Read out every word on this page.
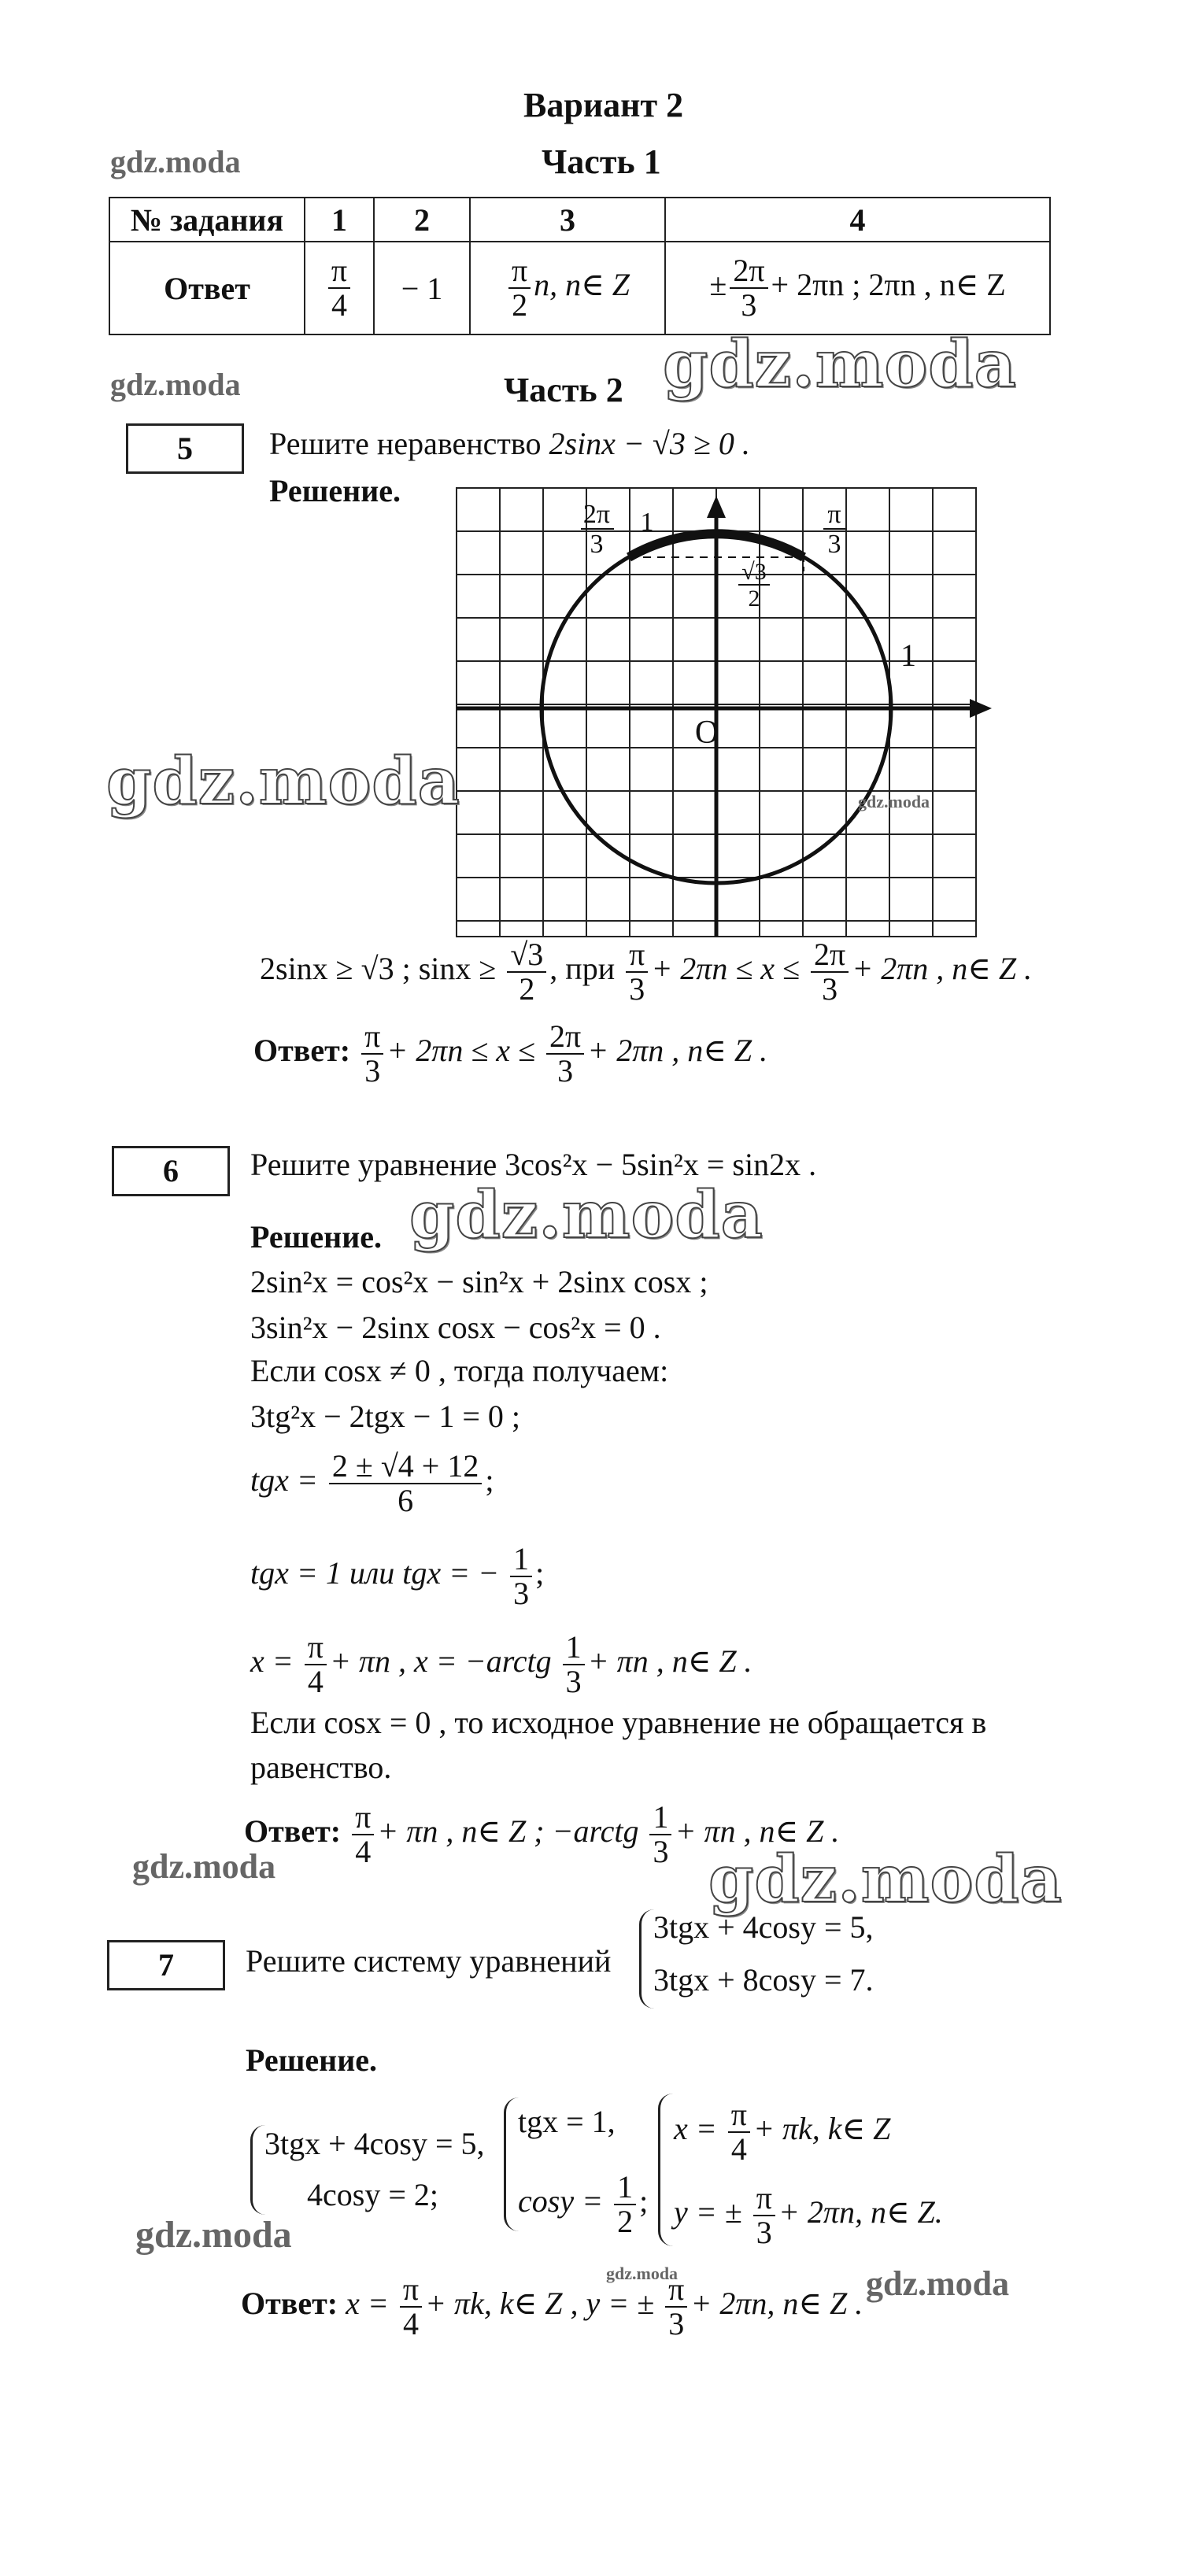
Вариант 2
Часть 1
gdz.moda
№ задания	1	2	3	4
Ответ	$\frac{\pi}{4}$	− 1	$\frac{\pi}{2} n$, n∈ Z	± $\frac{2\pi}{3} + 2\pi n$ ; 2πn , n∈ Z
gdz.moda	Часть 2 gdz.moda
5	Решите неравенство 2sinx − √3 ≥ 0 .
Решение.
2π
3
1	π
3
√3
2
1
O
gdz.moda	gdz.moda
2sinx ≥ √3 ; $\sin x \ge \frac{√3}{2}$ , при $\frac{\pi}{3} + 2\pi n \le x \le \frac{2\pi}{3} + 2\pi n$ , n∈ Z .
Ответ: $\frac{\pi}{3} + 2\pi n \le x \le \frac{2\pi}{3} + 2\pi n$ , n∈ Z .
6	Решите уравнение 3cos²x − 5sin²x = sin2x .
Решение. gdz.moda
2sin²x = cos²x − sin²x + 2sinx cosx ;
3sin²x − 2sinx cosx − cos²x = 0 .
Если cosx ≠ 0 , тогда получаем:
3tg²x − 2tgx − 1 = 0 ;
tgx = $\frac{2 \pm √4 + 12}{6}$ ;
tgx = 1 или tgx = − $\frac{1}{3}$ ;
$x = \frac{\pi}{4} + \pi n$ , x = −arctg $\frac{1}{3} + \pi n$ , n∈ Z .
Если cosx = 0 , то исходное уравнение не обращается в
равенство.
Ответ: $\frac{\pi}{4} + \pi n$ , n∈ Z ; −arctg $\frac{1}{3} + \pi n$ , n∈ Z .
gdz.moda	gdz.moda
7	Решите систему уравнений
3tgx + 4cosy = 5,
3tgx + 8cosy = 7.
Решение.
3tgx + 4cosy = 5,
4cosy = 2;
tgx = 1,
$\cos y = \frac{1}{2}$ ;
$x = \frac{\pi}{4} + \pi k$, k∈ Z
y = ± $\frac{\pi}{3} + 2\pi n$, n∈ Z.
gdz.moda
gdz.moda	gdz.moda
Ответ: $x = \frac{\pi}{4} + \pi k$, k∈ Z , y = ± $\frac{\pi}{3} + 2\pi n$, n∈ Z .
